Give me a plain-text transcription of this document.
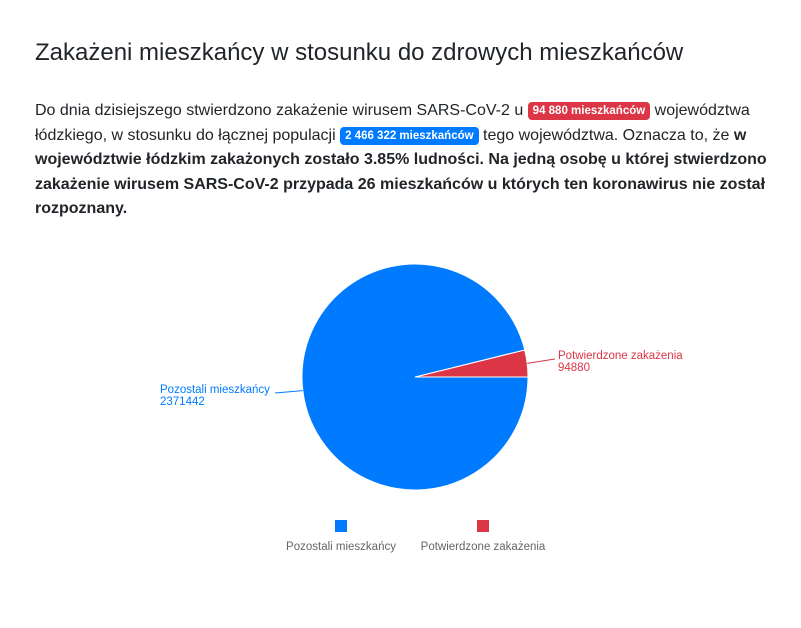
Zakażeni mieszkańcy w stosunku do zdrowych mieszkańców

Do dnia dzisiejszego stwierdzono zakażenie wirusem SARS-CoV-2 u 94 880 mieszkańców województwa łódzkiego, w stosunku do łącznej populacji 2 466 322 mieszkańców tego województwa. Oznacza to, że w województwie łódzkim zakażonych zostało 3.85% ludności. Na jedną osobę u której stwierdzono zakażenie wirusem SARS-CoV-2 przypada 26 mieszkańców u których ten koronawirus nie został rozpoznany.

Pozostali mieszkańcy
2371442
Potwierdzone zakażenia
94880
Pozostali mieszkańcy Potwierdzone zakażenia
